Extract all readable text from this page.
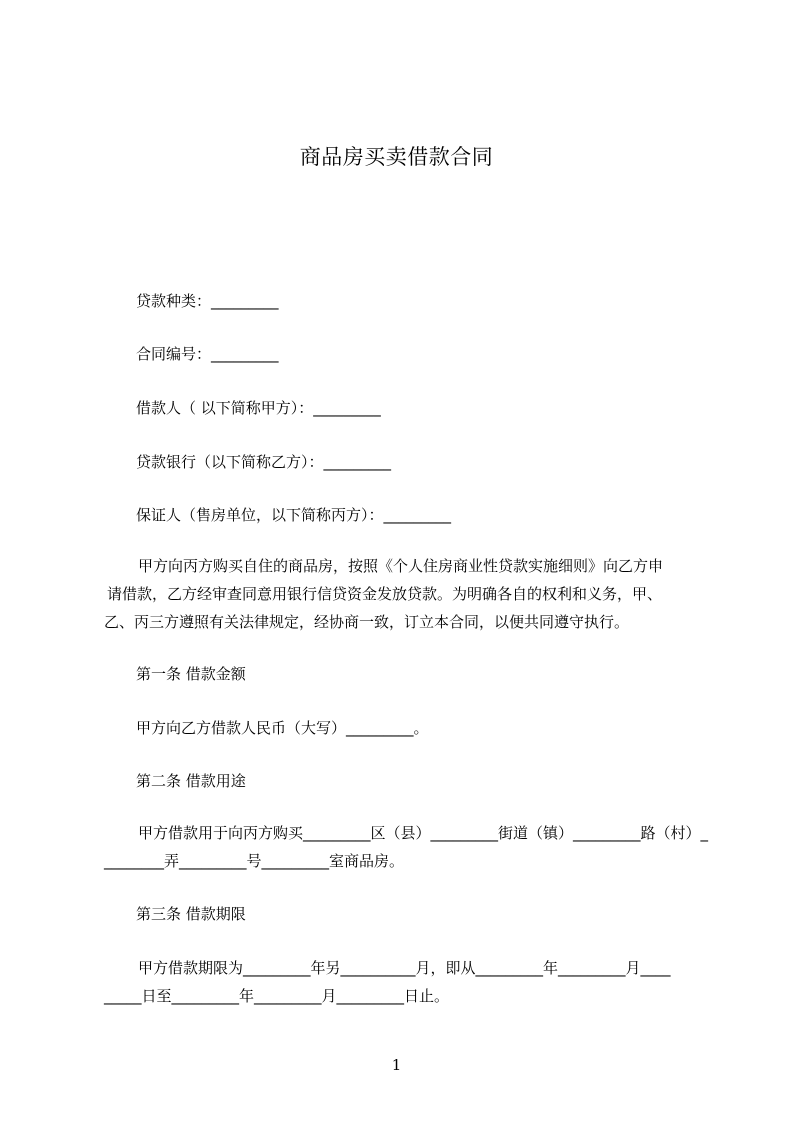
商品房买卖借款合同
贷款种类：_________
合同编号：_________
借款人（ 以下简称甲方）：_________
贷款银行（以下简称乙方）：_________
保证人（售房单位，以下简称丙方）：_________
甲方向丙方购买自住的商品房，按照《个人住房商业性贷款实施细则》向乙方申
请借款，乙方经审查同意用银行信贷资金发放贷款。为明确各自的权利和义务，甲、
乙、丙三方遵照有关法律规定，经协商一致，订立本合同，以便共同遵守执行。
第一条 借款金额
甲方向乙方借款人民币（大写）_________。
第二条 借款用途
甲方借款用于向丙方购买_________区（县）_________街道（镇）_________路（村）_
________弄_________号_________室商品房。
第三条 借款期限
甲方借款期限为_________年另__________月，即从_________年_________月____
_____日至_________年_________月_________日止。
1
